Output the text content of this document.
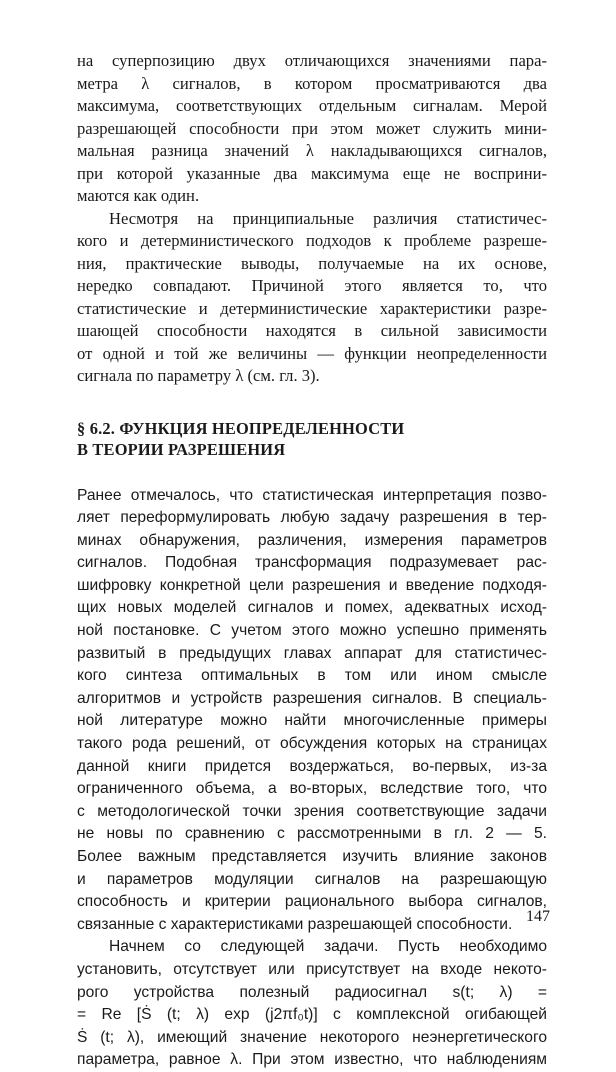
на суперпозицию двух отличающихся значениями пара-
метра λ сигналов, в котором просматриваются два
максимума, соответствующих отдельным сигналам. Мерой
разрешающей способности при этом может служить мини-
мальная разница значений λ накладывающихся сигналов,
при которой указанные два максимума еще не восприни-
маются как один.

Несмотря на принципиальные различия статистичес-
кого и детерминистического подходов к проблеме разреше-
ния, практические выводы, получаемые на их основе,
нередко совпадают. Причиной этого является то, что
статистические и детерминистические характеристики разре-
шающей способности находятся в сильной зависимости
от одной и той же величины — функции неопределенности
сигнала по параметру λ (см. гл. 3).

§ 6.2. ФУНКЦИЯ НЕОПРЕДЕЛЕННОСТИ
В ТЕОРИИ РАЗРЕШЕНИЯ

Ранее отмечалось, что статистическая интерпретация позво-
ляет переформулировать любую задачу разрешения в тер-
минах обнаружения, различения, измерения параметров
сигналов. Подобная трансформация подразумевает рас-
шифровку конкретной цели разрешения и введение подходя-
щих новых моделей сигналов и помех, адекватных исход-
ной постановке. С учетом этого можно успешно применять
развитый в предыдущих главах аппарат для статистичес-
кого синтеза оптимальных в том или ином смысле
алгоритмов и устройств разрешения сигналов. В специаль-
ной литературе можно найти многочисленные примеры
такого рода решений, от обсуждения которых на страницах
данной книги придется воздержаться, во-первых, из-за
ограниченного объема, а во-вторых, вследствие того, что
с методологической точки зрения соответствующие задачи
не новы по сравнению с рассмотренными в гл. 2 — 5.
Более важным представляется изучить влияние законов
и параметров модуляции сигналов на разрешающую
способность и критерии рационального выбора сигналов,
связанные с характеристиками разрешающей способности.

Начнем со следующей задачи. Пусть необходимо
установить, отсутствует или присутствует на входе некото-
рого устройства полезный радиосигнал s(t; λ) =
= Re [Ṡ (t; λ) exp (j2πf₀t)] с комплексной огибающей
Ṡ (t; λ), имеющий значение некоторого неэнергетического
параметра, равное λ. При этом известно, что наблюдениям

147
